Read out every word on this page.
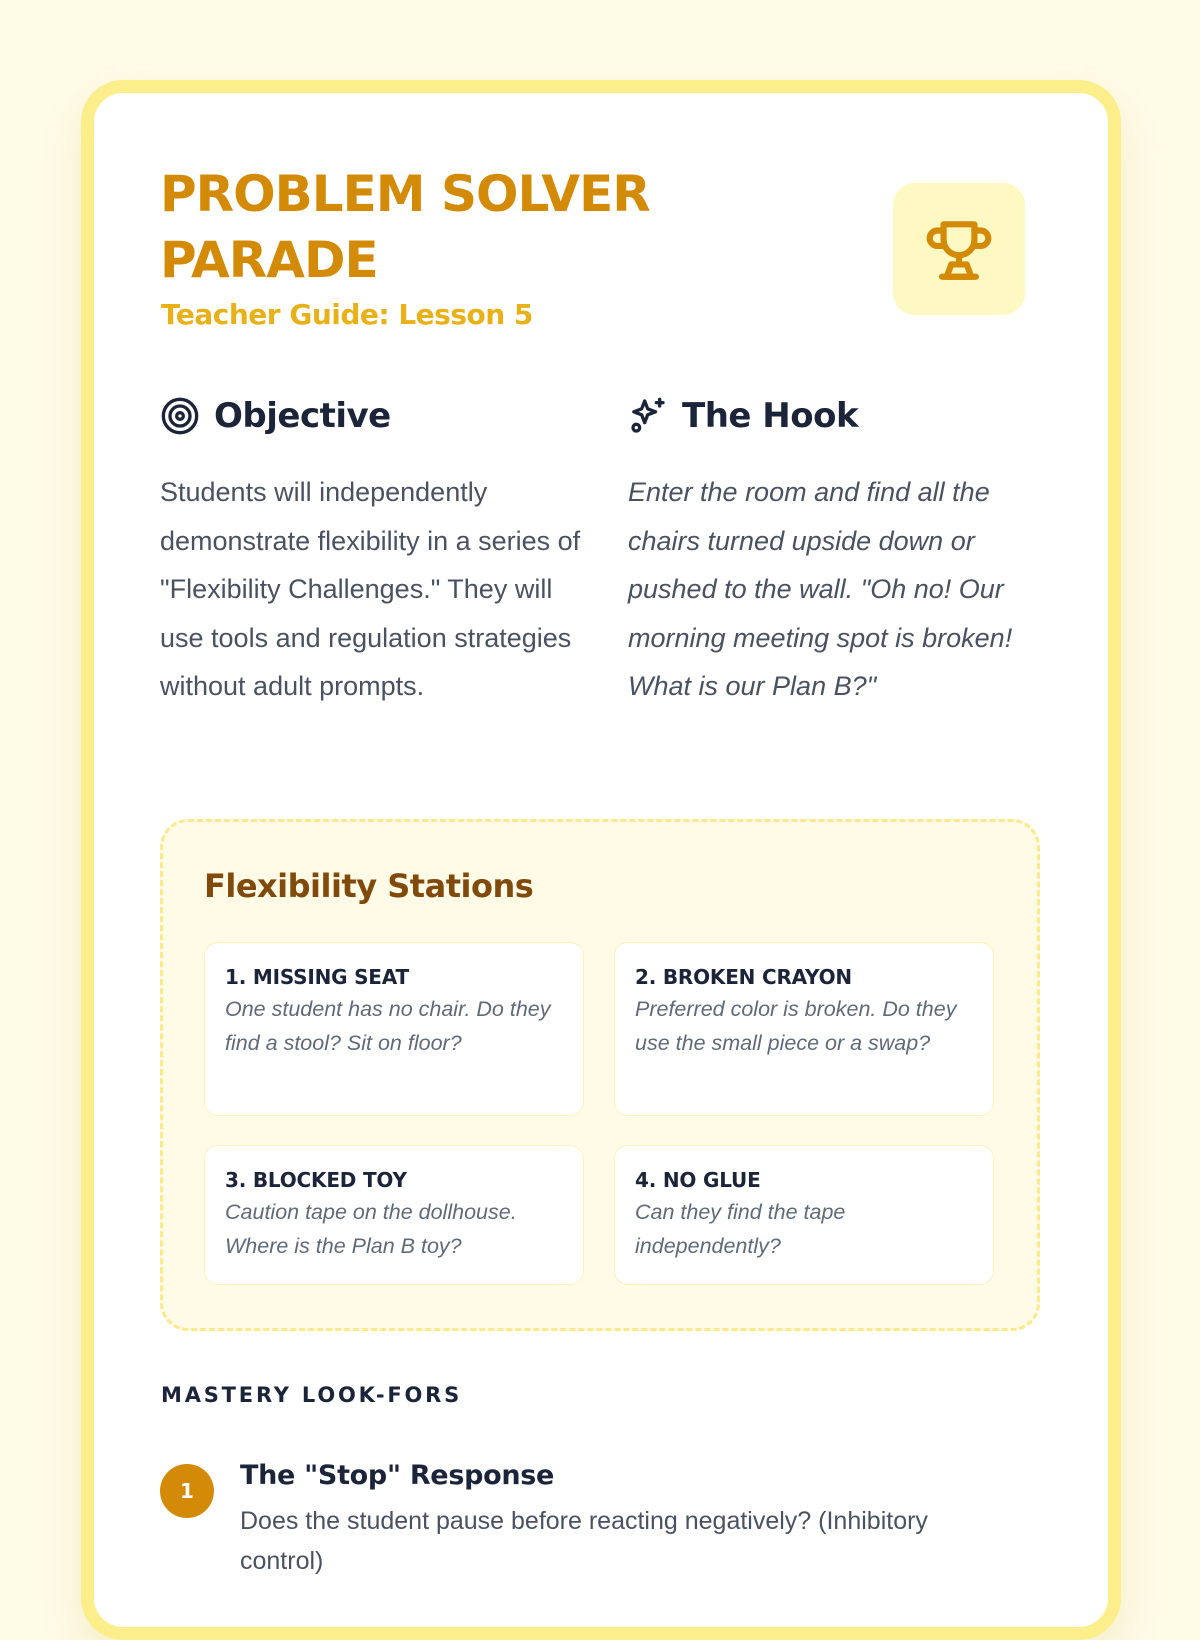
PROBLEM SOLVER PARADE
Teacher Guide: Lesson 5
Objective	The Hook

Students will independently demonstrate flexibility in a series of "Flexibility Challenges." They will use tools and regulation strategies without adult prompts.

Enter the room and find all the chairs turned upside down or pushed to the wall. "Oh no! Our morning meeting spot is broken! What is our Plan B?"

Flexibility Stations
1. MISSING SEAT
One student has no chair. Do they find a stool? Sit on floor?
2. BROKEN CRAYON
Preferred color is broken. Do they use the small piece or a swap?
3. BLOCKED TOY
Caution tape on the dollhouse. Where is the Plan B toy?
4. NO GLUE
Can they find the tape independently?
MASTERY LOOK-FORS
1	The "Stop" Response

Does the student pause before reacting negatively? (Inhibitory control)
